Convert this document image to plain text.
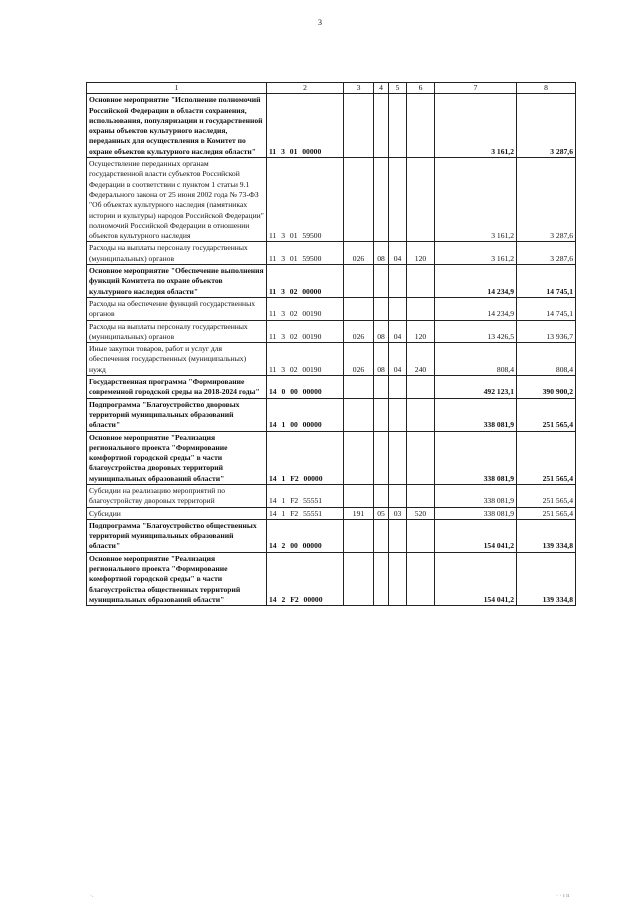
3
1	2	3	4	5	6	7	8
Основное мероприятие "Исполнение полномочий Российской Федерации в области сохранения, использования, популяризации и государственной охраны объектов культурного наследия, переданных для осуществления в Комитет по охране объектов культурного наследия области"	11 3 01 00000					3 161,2	3 287,6
Осуществление переданных органам государственной власти субъектов Российской Федерации в соответствии с пунктом 1 статьи 9.1 Федерального закона от 25 июня 2002 года № 73-ФЗ "Об объектах культурного наследия (памятниках истории и культуры) народов Российской Федерации" полномочий Российской Федерации в отношении объектов культурного наследия	11 3 01 59500					3 161,2	3 287,6
Расходы на выплаты персоналу государственных (муниципальных) органов	11 3 01 59500	026	08	04	120	3 161,2	3 287,6
Основное мероприятие "Обеспечение выполнения функций Комитета по охране объектов культурного наследия области"	11 3 02 00000					14 234,9	14 745,1
Расходы на обеспечение функций государственных органов	11 3 02 00190					14 234,9	14 745,1
Расходы на выплаты персоналу государственных (муниципальных) органов	11 3 02 00190	026	08	04	120	13 426,5	13 936,7
Иные закупки товаров, работ и услуг для обеспечения государственных (муниципальных) нужд	11 3 02 00190	026	08	04	240	808,4	808,4
Государственная программа "Формирование современной городской среды на 2018-2024 годы"	14 0 00 00000					492 123,1	390 900,2
Подпрограмма "Благоустройство дворовых территорий муниципальных образований области"	14 1 00 00000					338 081,9	251 565,4
Основное мероприятие "Реализация регионального проекта "Формирование комфортной городской среды" в части благоустройства дворовых территорий муниципальных образований области"	14 1 F2 00000					338 081,9	251 565,4
Субсидии на реализацию мероприятий по благоустройству дворовых территорий	14 1 F2 55551					338 081,9	251 565,4
Субсидии	14 1 F2 55551	191	05	03	520	338 081,9	251 565,4
Подпрограмма "Благоустройство общественных территорий муниципальных образований области"	14 2 00 00000					154 041,2	139 334,8
Основное мероприятие "Реализация регионального проекта "Формирование комфортной городской среды" в части благоустройства общественных территорий муниципальных образований области"	14 2 F2 00000					154 041,2	139 334,8
·.	· · ı ıı
